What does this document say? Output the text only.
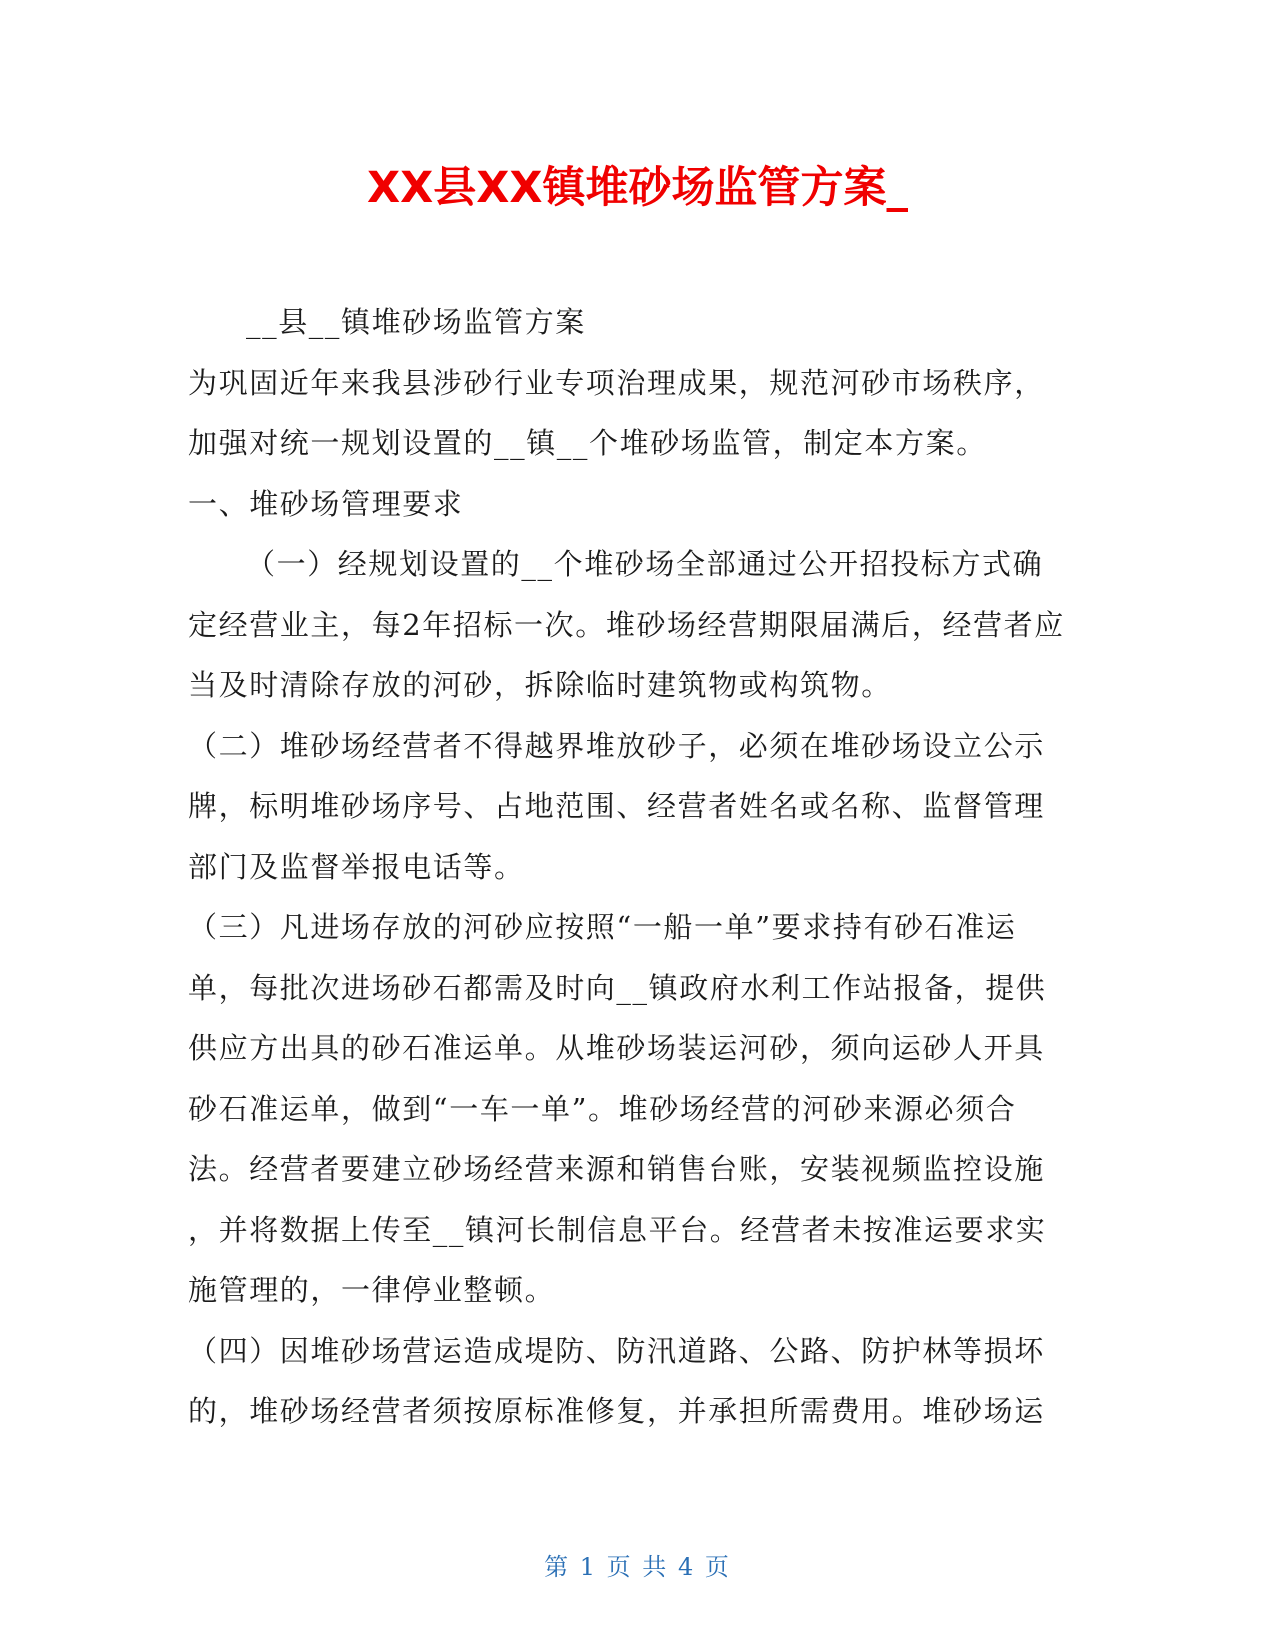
XX县XX镇堆砂场监管方案_
__县__镇堆砂场监管方案
为巩固近年来我县涉砂行业专项治理成果，规范河砂市场秩序，
加强对统一规划设置的__镇__个堆砂场监管，制定本方案。
一、堆砂场管理要求
（一）经规划设置的__个堆砂场全部通过公开招投标方式确
定经营业主，每2年招标一次。堆砂场经营期限届满后，经营者应
当及时清除存放的河砂，拆除临时建筑物或构筑物。
（二）堆砂场经营者不得越界堆放砂子，必须在堆砂场设立公示
牌，标明堆砂场序号、占地范围、经营者姓名或名称、监督管理
部门及监督举报电话等。
（三）凡进场存放的河砂应按照“一船一单”要求持有砂石准运
单，每批次进场砂石都需及时向__镇政府水利工作站报备，提供
供应方出具的砂石准运单。从堆砂场装运河砂，须向运砂人开具
砂石准运单，做到“一车一单”。堆砂场经营的河砂来源必须合
法。经营者要建立砂场经营来源和销售台账，安装视频监控设施
，并将数据上传至__镇河长制信息平台。经营者未按准运要求实
施管理的，一律停业整顿。
（四）因堆砂场营运造成堤防、防汛道路、公路、防护林等损坏
的，堆砂场经营者须按原标准修复，并承担所需费用。堆砂场运
第 1 页 共 4 页
